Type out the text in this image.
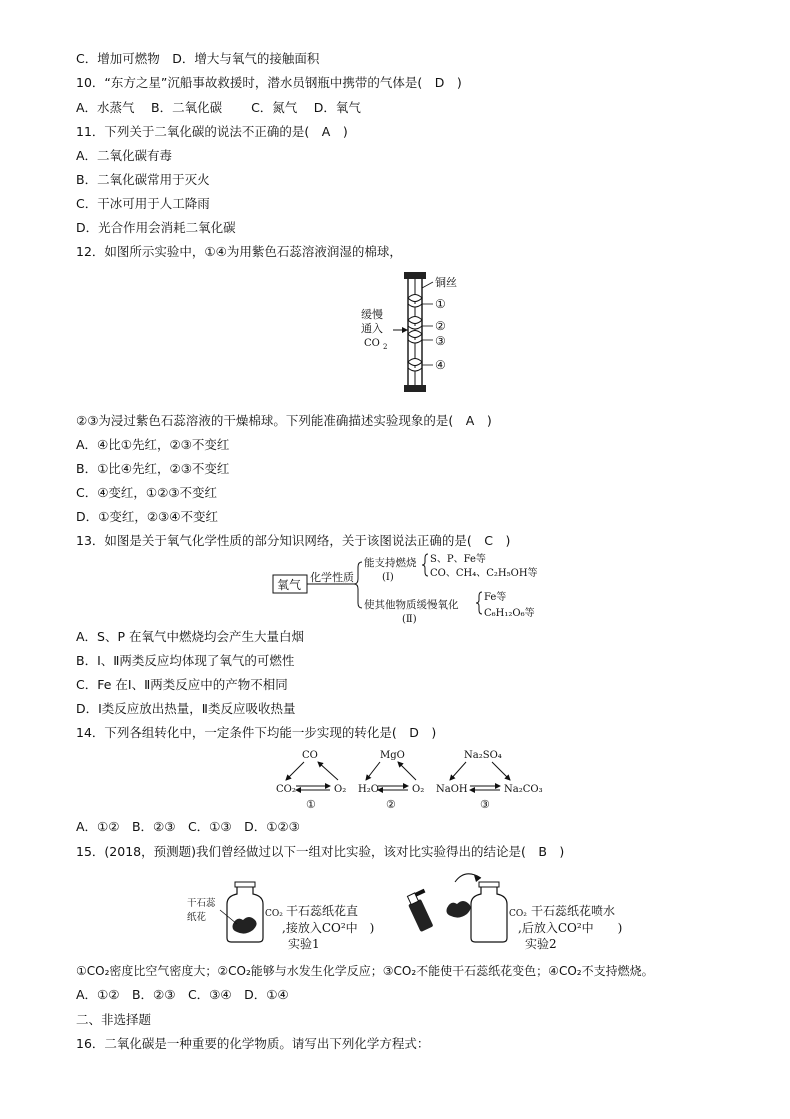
C．增加可燃物　D．增大与氧气的接触面积
10．“东方之星”沉船事故救援时，潜水员钢瓶中携带的气体是(　D　)
A．水蒸气　 B．二氧化碳　　 C．氮气　 D．氧气
11．下列关于二氧化碳的说法不正确的是(　A　)
A．二氧化碳有毒
B．二氧化碳常用于灭火
C．干冰可用于人工降雨
D．光合作用会消耗二氧化碳
12．如图所示实验中，①④为用紫色石蕊溶液润湿的棉球，
铜丝
①
②
③
④
缓慢
通入
CO 2
②③为浸过紫色石蕊溶液的干燥棉球。下列能准确描述实验现象的是(　A　)
A．④比①先红，②③不变红
B．①比④先红，②③不变红
C．④变红，①②③不变红
D．①变红，②③④不变红
13．如图是关于氧气化学性质的部分知识网络，关于该图说法正确的是(　C　)
氧气
化学性质
能支持燃烧
(Ⅰ)
S、P、Fe等
CO、CH₄、C₂H₅OH等
使其他物质缓慢氧化
(Ⅱ)
Fe等
C₆H₁₂O₆等
A．S、P 在氧气中燃烧均会产生大量白烟
B．Ⅰ、Ⅱ两类反应均体现了氧气的可燃性
C．Fe 在Ⅰ、Ⅱ两类反应中的产物不相同
D．Ⅰ类反应放出热量，Ⅱ类反应吸收热量
14．下列各组转化中，一定条件下均能一步实现的转化是(　D　)
CO
CO₂	O₂
①
MgO
H₂O	O₂
②
Na₂SO₄
NaOH	Na₂CO₃
③
A．①②　B．②③　C．①③　D．①②③
15．(2018，预测题)我们曾经做过以下一组对比实验，该对比实验得出的结论是(　B　)
干石蕊
纸花	CO₂ 干石蕊纸花直
,接放入CO²中　)
实验1
CO₂ 干石蕊纸花喷水
,后放入CO²中　　)
实验2
①CO₂密度比空气密度大；②CO₂能够与水发生化学反应；③CO₂不能使干石蕊纸花变色；④CO₂不支持燃烧。
A．①②　B．②③　C．③④　D．①④
二、非选择题
16．二氧化碳是一种重要的化学物质。请写出下列化学方程式：
